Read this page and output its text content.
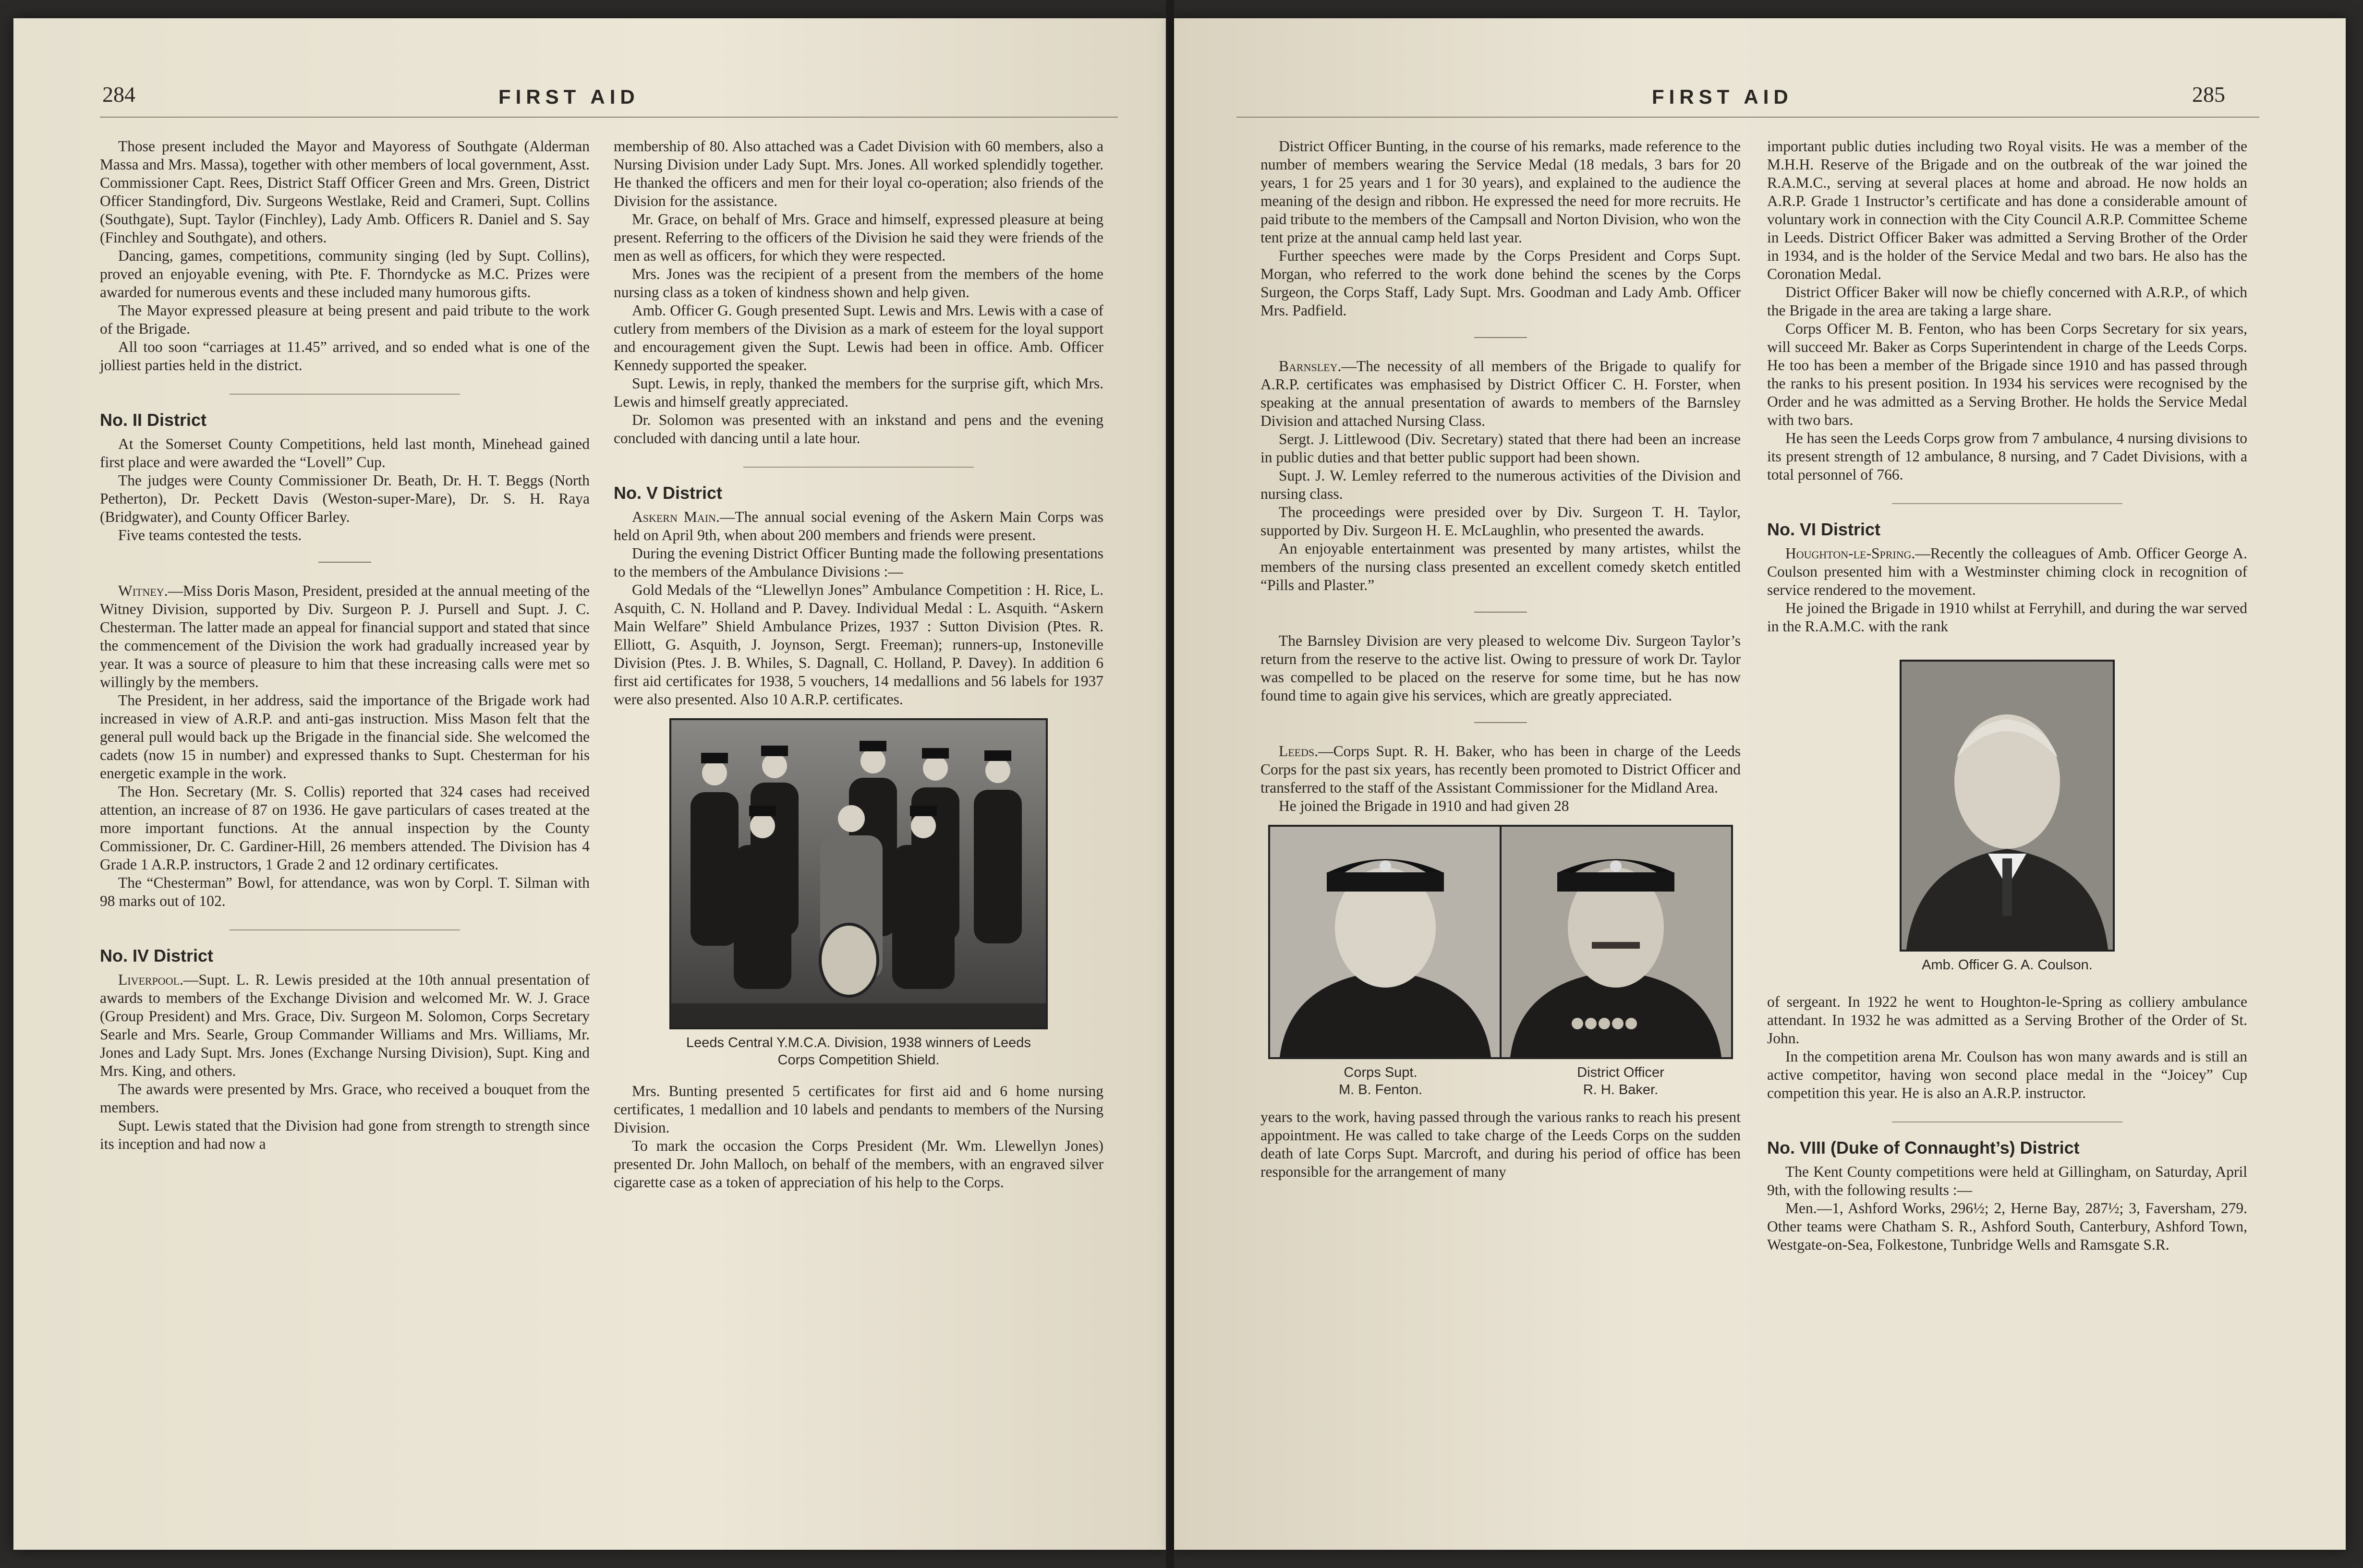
284	FIRST AID

Those present included the Mayor and Mayoress of Southgate (Alderman Massa and Mrs. Massa), together with other members of local government, Asst. Commissioner Capt. Rees, District Staff Officer Green and Mrs. Green, District Officer Standingford, Div. Surgeons Westlake, Reid and Crameri, Supt. Collins (Southgate), Supt. Taylor (Finchley), Lady Amb. Officers R. Daniel and S. Say (Finchley and Southgate), and others.

Dancing, games, competitions, community singing (led by Supt. Collins), proved an enjoyable evening, with Pte. F. Thorndycke as M.C. Prizes were awarded for numerous events and these included many humorous gifts.

The Mayor expressed pleasure at being present and paid tribute to the work of the Brigade.

All too soon “carriages at 11.45” arrived, and so ended what is one of the jolliest parties held in the district.

No. II District

At the Somerset County Competitions, held last month, Minehead gained first place and were awarded the “Lovell” Cup.

The judges were County Commissioner Dr. Beath, Dr. H. T. Beggs (North Petherton), Dr. Peckett Davis (Weston-super-Mare), Dr. S. H. Raya (Bridgwater), and County Officer Barley.

Five teams contested the tests.

Witney.—Miss Doris Mason, President, presided at the annual meeting of the Witney Division, supported by Div. Surgeon P. J. Pursell and Supt. J. C. Chesterman. The latter made an appeal for financial support and stated that since the commencement of the Division the work had gradually increased year by year. It was a source of pleasure to him that these increasing calls were met so willingly by the members.

The President, in her address, said the importance of the Brigade work had increased in view of A.R.P. and anti-gas instruction. Miss Mason felt that the general pull would back up the Brigade in the financial side. She welcomed the cadets (now 15 in number) and expressed thanks to Supt. Chesterman for his energetic example in the work.

The Hon. Secretary (Mr. S. Collis) reported that 324 cases had received attention, an increase of 87 on 1936. He gave particulars of cases treated at the more important functions. At the annual inspection by the County Commissioner, Dr. C. Gardiner-Hill, 26 members attended. The Division has 4 Grade 1 A.R.P. instructors, 1 Grade 2 and 12 ordinary certificates.

The “Chesterman” Bowl, for attendance, was won by Corpl. T. Silman with 98 marks out of 102.

No. IV District

Liverpool.—Supt. L. R. Lewis presided at the 10th annual presentation of awards to members of the Exchange Division and welcomed Mr. W. J. Grace (Group President) and Mrs. Grace, Div. Surgeon M. Solomon, Corps Secretary Searle and Mrs. Searle, Group Commander Williams and Mrs. Williams, Mr. Jones and Lady Supt. Mrs. Jones (Exchange Nursing Division), Supt. King and Mrs. King, and others.

The awards were presented by Mrs. Grace, who received a bouquet from the members.

Supt. Lewis stated that the Division had gone from strength to strength since its inception and had now a

membership of 80. Also attached was a Cadet Division with 60 members, also a Nursing Division under Lady Supt. Mrs. Jones. All worked splendidly together. He thanked the officers and men for their loyal co-operation; also friends of the Division for the assistance.

Mr. Grace, on behalf of Mrs. Grace and himself, expressed pleasure at being present. Referring to the officers of the Division he said they were friends of the men as well as officers, for which they were respected.

Mrs. Jones was the recipient of a present from the members of the home nursing class as a token of kindness shown and help given.

Amb. Officer G. Gough presented Supt. Lewis and Mrs. Lewis with a case of cutlery from members of the Division as a mark of esteem for the loyal support and encouragement given the Supt. Lewis had been in office. Amb. Officer Kennedy supported the speaker.

Supt. Lewis, in reply, thanked the members for the surprise gift, which Mrs. Lewis and himself greatly appreciated.

Dr. Solomon was presented with an inkstand and pens and the evening concluded with dancing until a late hour.

No. V District

Askern Main.—The annual social evening of the Askern Main Corps was held on April 9th, when about 200 members and friends were present.

During the evening District Officer Bunting made the following presentations to the members of the Ambulance Divisions :—

Gold Medals of the “Llewellyn Jones” Ambulance Competition : H. Rice, L. Asquith, C. N. Holland and P. Davey. Individual Medal : L. Asquith. “Askern Main Welfare” Shield Ambulance Prizes, 1937 : Sutton Division (Ptes. R. Elliott, G. Asquith, J. Joynson, Sergt. Freeman); runners-up, Instoneville Division (Ptes. J. B. Whiles, S. Dagnall, C. Holland, P. Davey). In addition 6 first aid certificates for 1938, 5 vouchers, 14 medallions and 56 labels for 1937 were also presented. Also 10 A.R.P. certificates.

Leeds Central Y.M.C.A. Division, 1938 winners of Leeds Corps Competition Shield.

Mrs. Bunting presented 5 certificates for first aid and 6 home nursing certificates, 1 medallion and 10 labels and pendants to members of the Nursing Division.

To mark the occasion the Corps President (Mr. Wm. Llewellyn Jones) presented Dr. John Malloch, on behalf of the members, with an engraved silver cigarette case as a token of appreciation of his help to the Corps.

FIRST AID	285

District Officer Bunting, in the course of his remarks, made reference to the number of members wearing the Service Medal (18 medals, 3 bars for 20 years, 1 for 25 years and 1 for 30 years), and explained to the audience the meaning of the design and ribbon. He expressed the need for more recruits. He paid tribute to the members of the Campsall and Norton Division, who won the tent prize at the annual camp held last year.

Further speeches were made by the Corps President and Corps Supt. Morgan, who referred to the work done behind the scenes by the Corps Surgeon, the Corps Staff, Lady Supt. Mrs. Goodman and Lady Amb. Officer Mrs. Padfield.

Barnsley.—The necessity of all members of the Brigade to qualify for A.R.P. certificates was emphasised by District Officer C. H. Forster, when speaking at the annual presentation of awards to members of the Barnsley Division and attached Nursing Class.

Sergt. J. Littlewood (Div. Secretary) stated that there had been an increase in public duties and that better public support had been shown.

Supt. J. W. Lemley referred to the numerous activities of the Division and nursing class.

The proceedings were presided over by Div. Surgeon T. H. Taylor, supported by Div. Surgeon H. E. McLaughlin, who presented the awards.

An enjoyable entertainment was presented by many artistes, whilst the members of the nursing class presented an excellent comedy sketch entitled “Pills and Plaster.”

The Barnsley Division are very pleased to welcome Div. Surgeon Taylor’s return from the reserve to the active list. Owing to pressure of work Dr. Taylor was compelled to be placed on the reserve for some time, but he has now found time to again give his services, which are greatly appreciated.

Leeds.—Corps Supt. R. H. Baker, who has been in charge of the Leeds Corps for the past six years, has recently been promoted to District Officer and transferred to the staff of the Assistant Commissioner for the Midland Area.

He joined the Brigade in 1910 and had given 28

Corps Supt.
M. B. Fenton.
District Officer
R. H. Baker.

years to the work, having passed through the various ranks to reach his present appointment. He was called to take charge of the Leeds Corps on the sudden death of late Corps Supt. Marcroft, and during his period of office has been responsible for the arrangement of many

important public duties including two Royal visits. He was a member of the M.H.H. Reserve of the Brigade and on the outbreak of the war joined the R.A.M.C., serving at several places at home and abroad. He now holds an A.R.P. Grade 1 Instructor’s certificate and has done a considerable amount of voluntary work in connection with the City Council A.R.P. Committee Scheme in Leeds. District Officer Baker was admitted a Serving Brother of the Order in 1934, and is the holder of the Service Medal and two bars. He also has the Coronation Medal.

District Officer Baker will now be chiefly concerned with A.R.P., of which the Brigade in the area are taking a large share.

Corps Officer M. B. Fenton, who has been Corps Secretary for six years, will succeed Mr. Baker as Corps Superintendent in charge of the Leeds Corps. He too has been a member of the Brigade since 1910 and has passed through the ranks to his present position. In 1934 his services were recognised by the Order and he was admitted as a Serving Brother. He holds the Service Medal with two bars.

He has seen the Leeds Corps grow from 7 ambulance, 4 nursing divisions to its present strength of 12 ambulance, 8 nursing, and 7 Cadet Divisions, with a total personnel of 766.

No. VI District

Houghton-le-Spring.—Recently the colleagues of Amb. Officer George A. Coulson presented him with a Westminster chiming clock in recognition of service rendered to the movement.

He joined the Brigade in 1910 whilst at Ferryhill, and during the war served in the R.A.M.C. with the rank

Amb. Officer G. A. Coulson.

of sergeant. In 1922 he went to Houghton-le-Spring as colliery ambulance attendant. In 1932 he was admitted as a Serving Brother of the Order of St. John.

In the competition arena Mr. Coulson has won many awards and is still an active competitor, having won second place medal in the “Joicey” Cup competition this year. He is also an A.R.P. instructor.

No. VIII (Duke of Connaught’s) District

The Kent County competitions were held at Gillingham, on Saturday, April 9th, with the following results :—

Men.—1, Ashford Works, 296½; 2, Herne Bay, 287½; 3, Faversham, 279. Other teams were Chatham S. R., Ashford South, Canterbury, Ashford Town, Westgate-on-Sea, Folkestone, Tunbridge Wells and Ramsgate S.R.
